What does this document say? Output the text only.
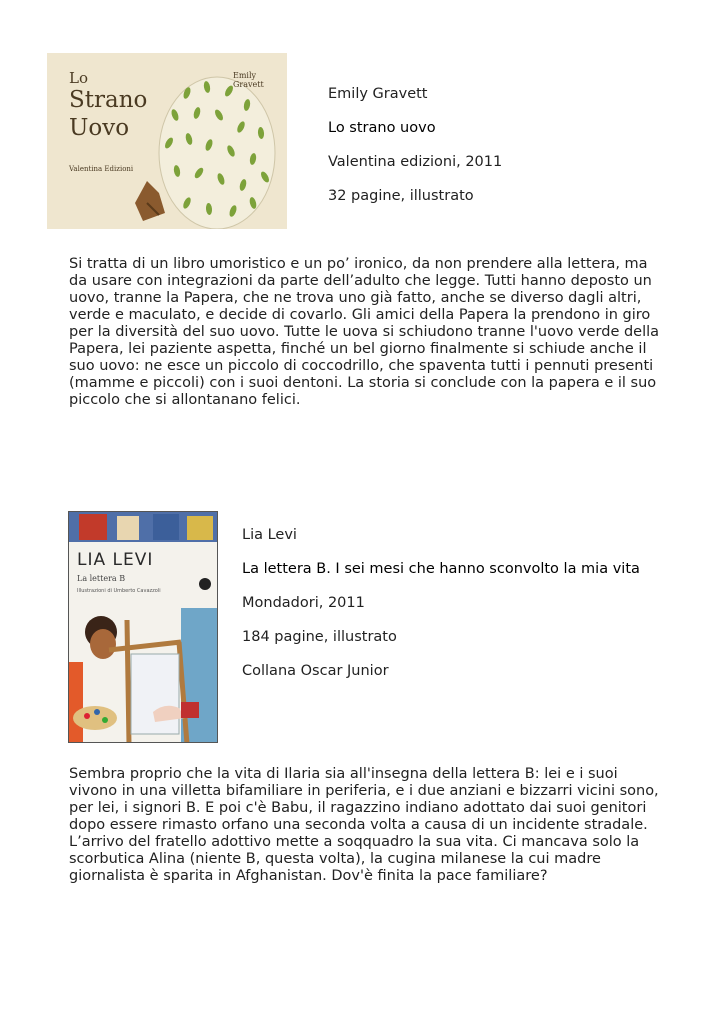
Lo
Strano
Uovo
Emily Gravett
Valentina Edizioni
Emily Gravett
Lo strano uovo
Valentina edizioni, 2011
32 pagine, illustrato

Si tratta di un libro umoristico e un po’ ironico, da non prendere alla lettera, ma da usare con integrazioni da parte dell’adulto che legge. Tutti hanno deposto un uovo, tranne la Papera, che ne trova uno già fatto, anche se diverso dagli altri, verde e maculato, e decide di covarlo. Gli amici della Papera la prendono in giro per la diversità del suo uovo. Tutte le uova si schiudono tranne l'uovo verde della Papera, lei paziente aspetta, finché un bel giorno finalmente si schiude anche il suo uovo: ne esce un piccolo di coccodrillo, che spaventa tutti i pennuti presenti (mamme e piccoli) con i suoi dentoni. La storia si conclude con la papera e il suo piccolo che si allontanano felici.

LIA LEVI
La lettera B
Illustrazioni di Umberto Cavazzoli
Lia Levi
La lettera B. I sei mesi che hanno sconvolto la mia vita
Mondadori, 2011
184 pagine, illustrato
Collana Oscar Junior

Sembra proprio che la vita di Ilaria sia all'insegna della lettera B: lei e i suoi vivono in una villetta bifamiliare in periferia, e i due anziani e bizzarri vicini sono, per lei, i signori B. E poi c'è Babu, il ragazzino indiano adottato dai suoi genitori dopo essere rimasto orfano una seconda volta a causa di un incidente stradale. L’arrivo del fratello adottivo mette a soqquadro la sua vita. Ci mancava solo la scorbutica Alina (niente B, questa volta), la cugina milanese la cui madre giornalista è sparita in Afghanistan. Dov'è finita la pace familiare?
